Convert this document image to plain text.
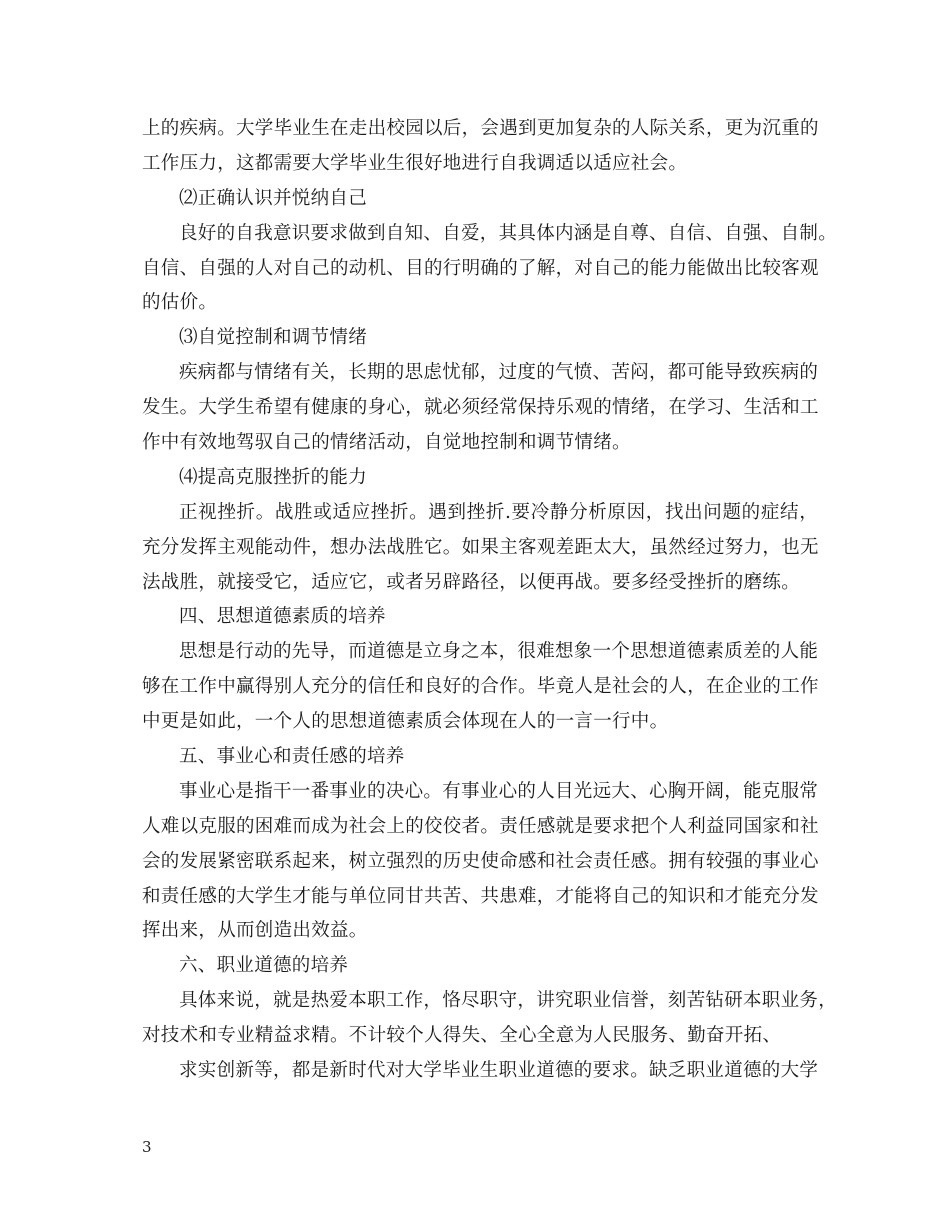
上的疾病。大学毕业生在走出校园以后，会遇到更加复杂的人际关系，更为沉重的
工作压力，这都需要大学毕业生很好地进行自我调适以适应社会。
⑵正确认识并悦纳自己
良好的自我意识要求做到自知、自爱，其具体内涵是自尊、自信、自强、自制。
自信、自强的人对自己的动机、目的行明确的了解，对自己的能力能做出比较客观
的估价。
⑶自觉控制和调节情绪
疾病都与情绪有关，长期的思虑忧郁，过度的气愤、苦闷，都可能导致疾病的
发生。大学生希望有健康的身心，就必须经常保持乐观的情绪，在学习、生活和工
作中有效地驾驭自己的情绪活动，自觉地控制和调节情绪。
⑷提高克服挫折的能力
正视挫折。战胜或适应挫折。遇到挫折.要冷静分析原因，找出问题的症结，
充分发挥主观能动件，想办法战胜它。如果主客观差距太大，虽然经过努力，也无
法战胜，就接受它，适应它，或者另辟路径，以便再战。要多经受挫折的磨练。
四、思想道德素质的培养
思想是行动的先导，而道德是立身之本，很难想象一个思想道德素质差的人能
够在工作中赢得别人充分的信任和良好的合作。毕竟人是社会的人，在企业的工作
中更是如此，一个人的思想道德素质会体现在人的一言一行中。
五、事业心和责任感的培养
事业心是指干一番事业的决心。有事业心的人目光远大、心胸开阔，能克服常
人难以克服的困难而成为社会上的佼佼者。责任感就是要求把个人利益同国家和社
会的发展紧密联系起来，树立强烈的历史使命感和社会责任感。拥有较强的事业心
和责任感的大学生才能与单位同甘共苦、共患难，才能将自己的知识和才能充分发
挥出来，从而创造出效益。
六、职业道德的培养
具体来说，就是热爱本职工作，恪尽职守，讲究职业信誉，刻苦钻研本职业务，
对技术和专业精益求精。不计较个人得失、全心全意为人民服务、勤奋开拓、
求实创新等，都是新时代对大学毕业生职业道德的要求。缺乏职业道德的大学
3
